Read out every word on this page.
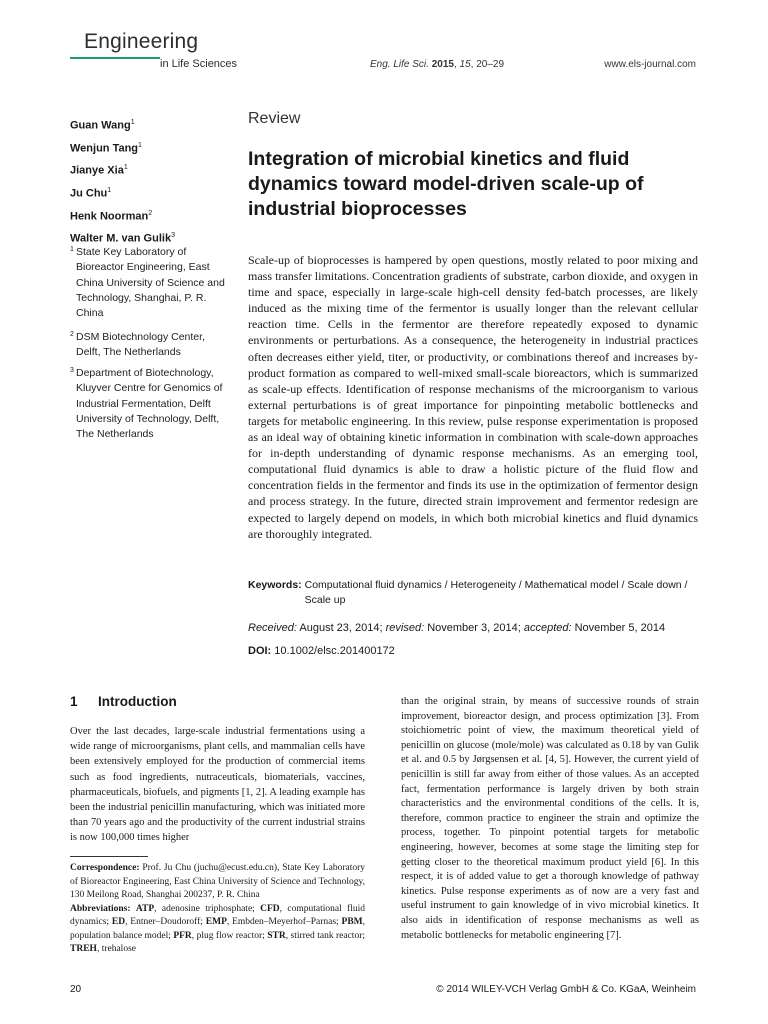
Engineering
in Life Sciences	Eng. Life Sci. 2015, 15, 20–29	www.els-journal.com
Guan Wang$^1$
Wenjun Tang$^1$
Jianye Xia$^1$
Ju Chu$^1$
Henk Noorman$^2$
Walter M. van Gulik$^3$
1 State Key Laboratory of Bioreactor Engineering, East China University of Science and Technology, Shanghai, P. R. China
2 DSM Biotechnology Center, Delft, The Netherlands
3 Department of Biotechnology, Kluyver Centre for Genomics of Industrial Fermentation, Delft University of Technology, Delft, The Netherlands
Review
Integration of microbial kinetics and fluid dynamics toward model-driven scale-up of industrial bioprocesses
Scale-up of bioprocesses is hampered by open questions, mostly related to poor mixing and mass transfer limitations. Concentration gradients of substrate, carbon dioxide, and oxygen in time and space, especially in large-scale high-cell density fed-batch processes, are likely induced as the mixing time of the fermentor is usually longer than the relevant cellular reaction time. Cells in the fermentor are therefore repeatedly exposed to dynamic environments or perturbations. As a consequence, the heterogeneity in industrial practices often decreases either yield, titer, or productivity, or combinations thereof and increases by-product formation as compared to well-mixed small-scale bioreactors, which is summarized as scale-up effects. Identification of response mechanisms of the microorganism to various external perturbations is of great importance for pinpointing metabolic bottlenecks and targets for metabolic engineering. In this review, pulse response experimentation is proposed as an ideal way of obtaining kinetic information in combination with scale-down approaches for in-depth understanding of dynamic response mechanisms. As an emerging tool, computational fluid dynamics is able to draw a holistic picture of the fluid flow and concentration fields in the fermentor and finds its use in the optimization of fermentor design and process strategy. In the future, directed strain improvement and fermentor redesign are expected to largely depend on models, in which both microbial kinetics and fluid dynamics are thoroughly integrated.
Keywords: Computational fluid dynamics / Heterogeneity / Mathematical model / Scale down / Scale up
Received: August 23, 2014; revised: November 3, 2014; accepted: November 5, 2014
DOI: 10.1002/elsc.201400172
1 Introduction
Over the last decades, large-scale industrial fermentations using a wide range of microorganisms, plant cells, and mammalian cells have been extensively employed for the production of commercial items such as food ingredients, nutraceuticals, biomaterials, vaccines, pharmaceuticals, biofuels, and pigments [1, 2]. A leading example has been the industrial penicillin manufacturing, which was initiated more than 70 years ago and the productivity of the current industrial strains is now 100,000 times higher
than the original strain, by means of successive rounds of strain improvement, bioreactor design, and process optimization [3]. From stoichiometric point of view, the maximum theoretical yield of penicillin on glucose (mole/mole) was calculated as 0.18 by van Gulik et al. and 0.5 by Jørgsensen et al. [4, 5]. However, the current yield of penicillin is still far away from either of those values. As an accepted fact, fermentation performance is largely driven by both strain characteristics and the environmental conditions of the cells. It is, therefore, common practice to engineer the strain and optimize the process, together. To pinpoint potential targets for metabolic engineering, however, becomes at some stage the limiting step for getting closer to the theoretical maximum product yield [6]. In this respect, it is of added value to get a thorough knowledge of pathway kinetics. Pulse response experiments as of now are a very fast and useful instrument to gain knowledge of in vivo microbial kinetics. It also aids in identification of response mechanisms as well as metabolic bottlenecks for metabolic engineering [7].
Correspondence: Prof. Ju Chu (juchu@ecust.edu.cn), State Key Laboratory of Bioreactor Engineering, East China University of Science and Technology, 130 Meilong Road, Shanghai 200237, P. R. China
Abbreviations: ATP, adenosine triphosphate; CFD, computational fluid dynamics; ED, Entner–Doudoroff; EMP, Embden–Meyerhof–Parnas; PBM, population balance model; PFR, plug flow reactor; STR, stirred tank reactor; TREH, trehalose
20	© 2014 WILEY-VCH Verlag GmbH & Co. KGaA, Weinheim
